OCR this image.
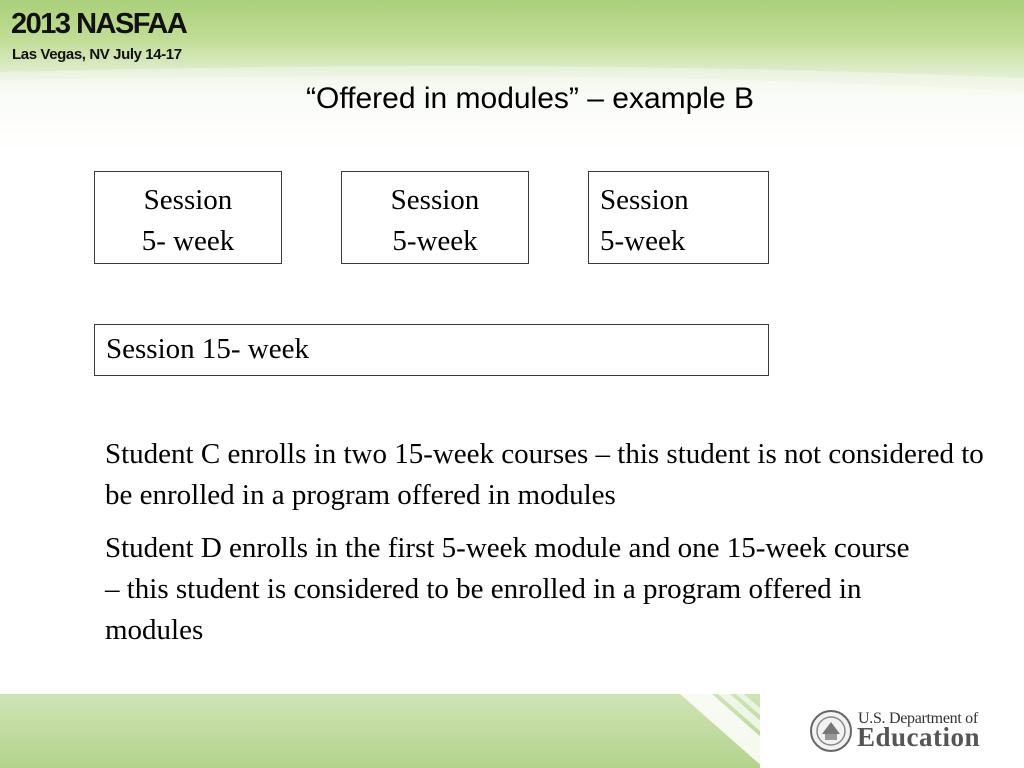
2013 NASFAA
Las Vegas, NV July 14-17
“Offered in modules” – example B
Session
5- week
Session
5-week
Session
5-week
Session 15- week
Student C enrolls in two 15-week courses – this student is not considered to be enrolled in a program offered in modules
Student D enrolls in the first 5-week module and one 15-week course – this student is considered to be enrolled in a program offered in modules
U.S. Department of
Education
